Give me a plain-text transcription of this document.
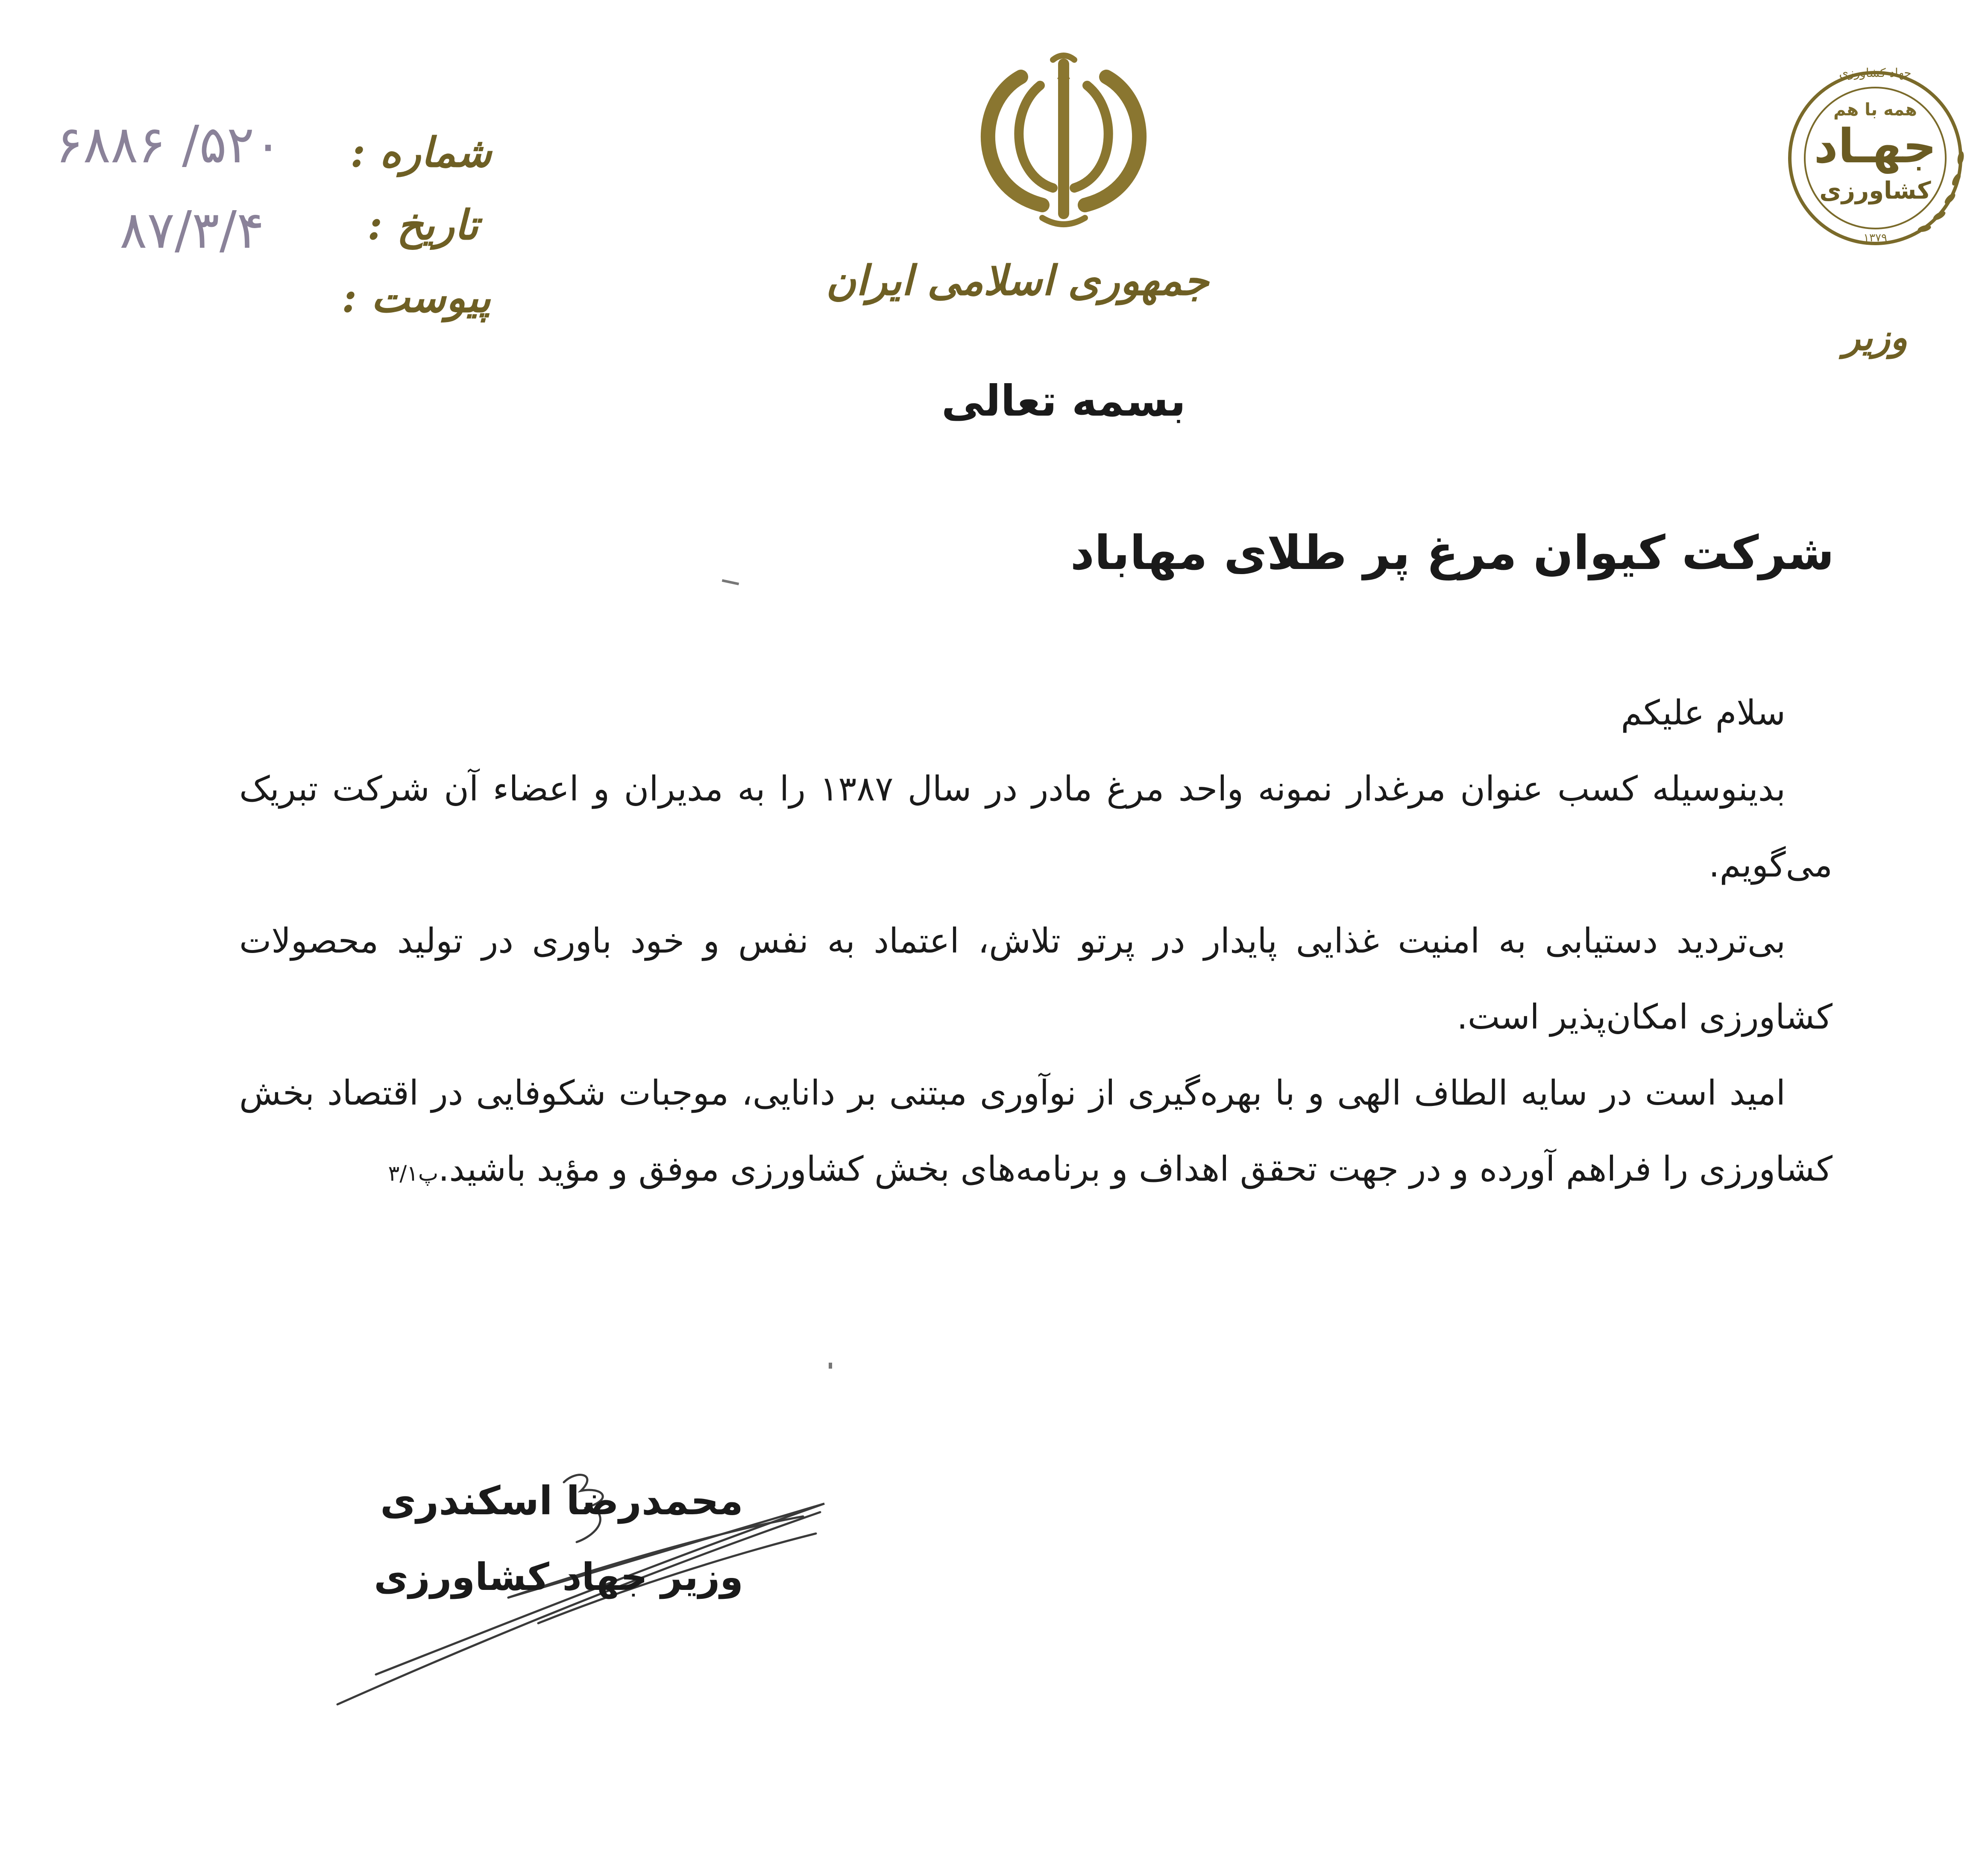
شماره :
۵۲۰/ ۶۸۸۶
تاریخ :
۸۷/۳/۴
پیوست :	جمهوری اسلامی ایران
بسمه تعالی
۱۳۷۹
جهاد کشاورزی
همه با هم
جهـاد
کشاورزی
وزیر
شرکت کیوان مرغ پر طلای مهاباد

سلام علیکم

بدینوسیله کسب عنوان مرغدار نمونه واحد مرغ مادر در سال ۱۳۸۷ را به مدیران و اعضاء آن شرکت تبریک می‌گویم.

بی‌تردید دستیابی به امنیت غذایی پایدار در پرتو تلاش، اعتماد به نفس و خود باوری در تولید محصولات کشاورزی امکان‌پذیر است.

امید است در سایه الطاف الهی و با بهره‌گیری از نوآوری مبتنی بر دانایی، موجبات شکوفایی در اقتصاد بخش کشاورزی را فراهم آورده و در جهت تحقق اهداف و برنامه‌های بخش کشاورزی موفق و مؤید باشید.پ۳/۱

محمدرضا اسکندری
وزیر جهاد کشاورزی
